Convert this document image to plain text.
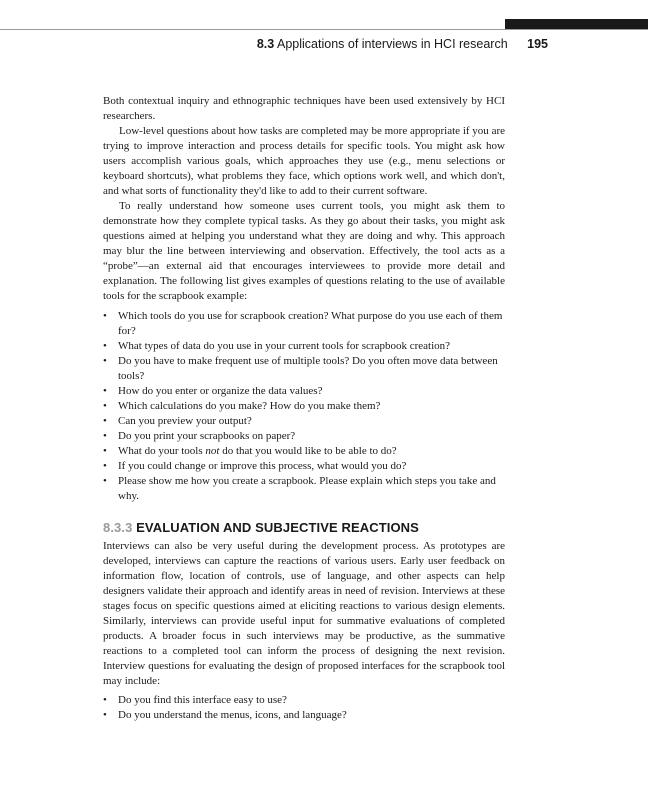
8.3 Applications of interviews in HCI research 195

Both contextual inquiry and ethnographic techniques have been used extensively by HCI researchers.

Low-level questions about how tasks are completed may be more appropriate if you are trying to improve interaction and process details for specific tools. You might ask how users accomplish various goals, which approaches they use (e.g., menu selections or keyboard shortcuts), what problems they face, which options work well, and which don't, and what sorts of functionality they'd like to add to their current software.

To really understand how someone uses current tools, you might ask them to demonstrate how they complete typical tasks. As they go about their tasks, you might ask questions aimed at helping you understand what they are doing and why. This approach may blur the line between interviewing and observation. Effectively, the tool acts as a “probe”—an external aid that encourages interviewees to provide more detail and explanation. The following list gives examples of questions relating to the use of available tools for the scrapbook example:

• Which tools do you use for scrapbook creation? What purpose do you use each of them for?
• What types of data do you use in your current tools for scrapbook creation?
• Do you have to make frequent use of multiple tools? Do you often move data between tools?
• How do you enter or organize the data values?
• Which calculations do you make? How do you make them?
• Can you preview your output?
• Do you print your scrapbooks on paper?
• What do your tools not do that you would like to be able to do?
• If you could change or improve this process, what would you do?
• Please show me how you create a scrapbook. Please explain which steps you take and why.
8.3.3 EVALUATION AND SUBJECTIVE REACTIONS

Interviews can also be very useful during the development process. As prototypes are developed, interviews can capture the reactions of various users. Early user feedback on information flow, location of controls, use of language, and other aspects can help designers validate their approach and identify areas in need of revision. Interviews at these stages focus on specific questions aimed at eliciting reactions to various design elements. Similarly, interviews can provide useful input for summative evaluations of completed products. A broader focus in such interviews may be productive, as the summative reactions to a completed tool can inform the process of designing the next revision. Interview questions for evaluating the design of proposed interfaces for the scrapbook tool may include:

• Do you find this interface easy to use?
• Do you understand the menus, icons, and language?
